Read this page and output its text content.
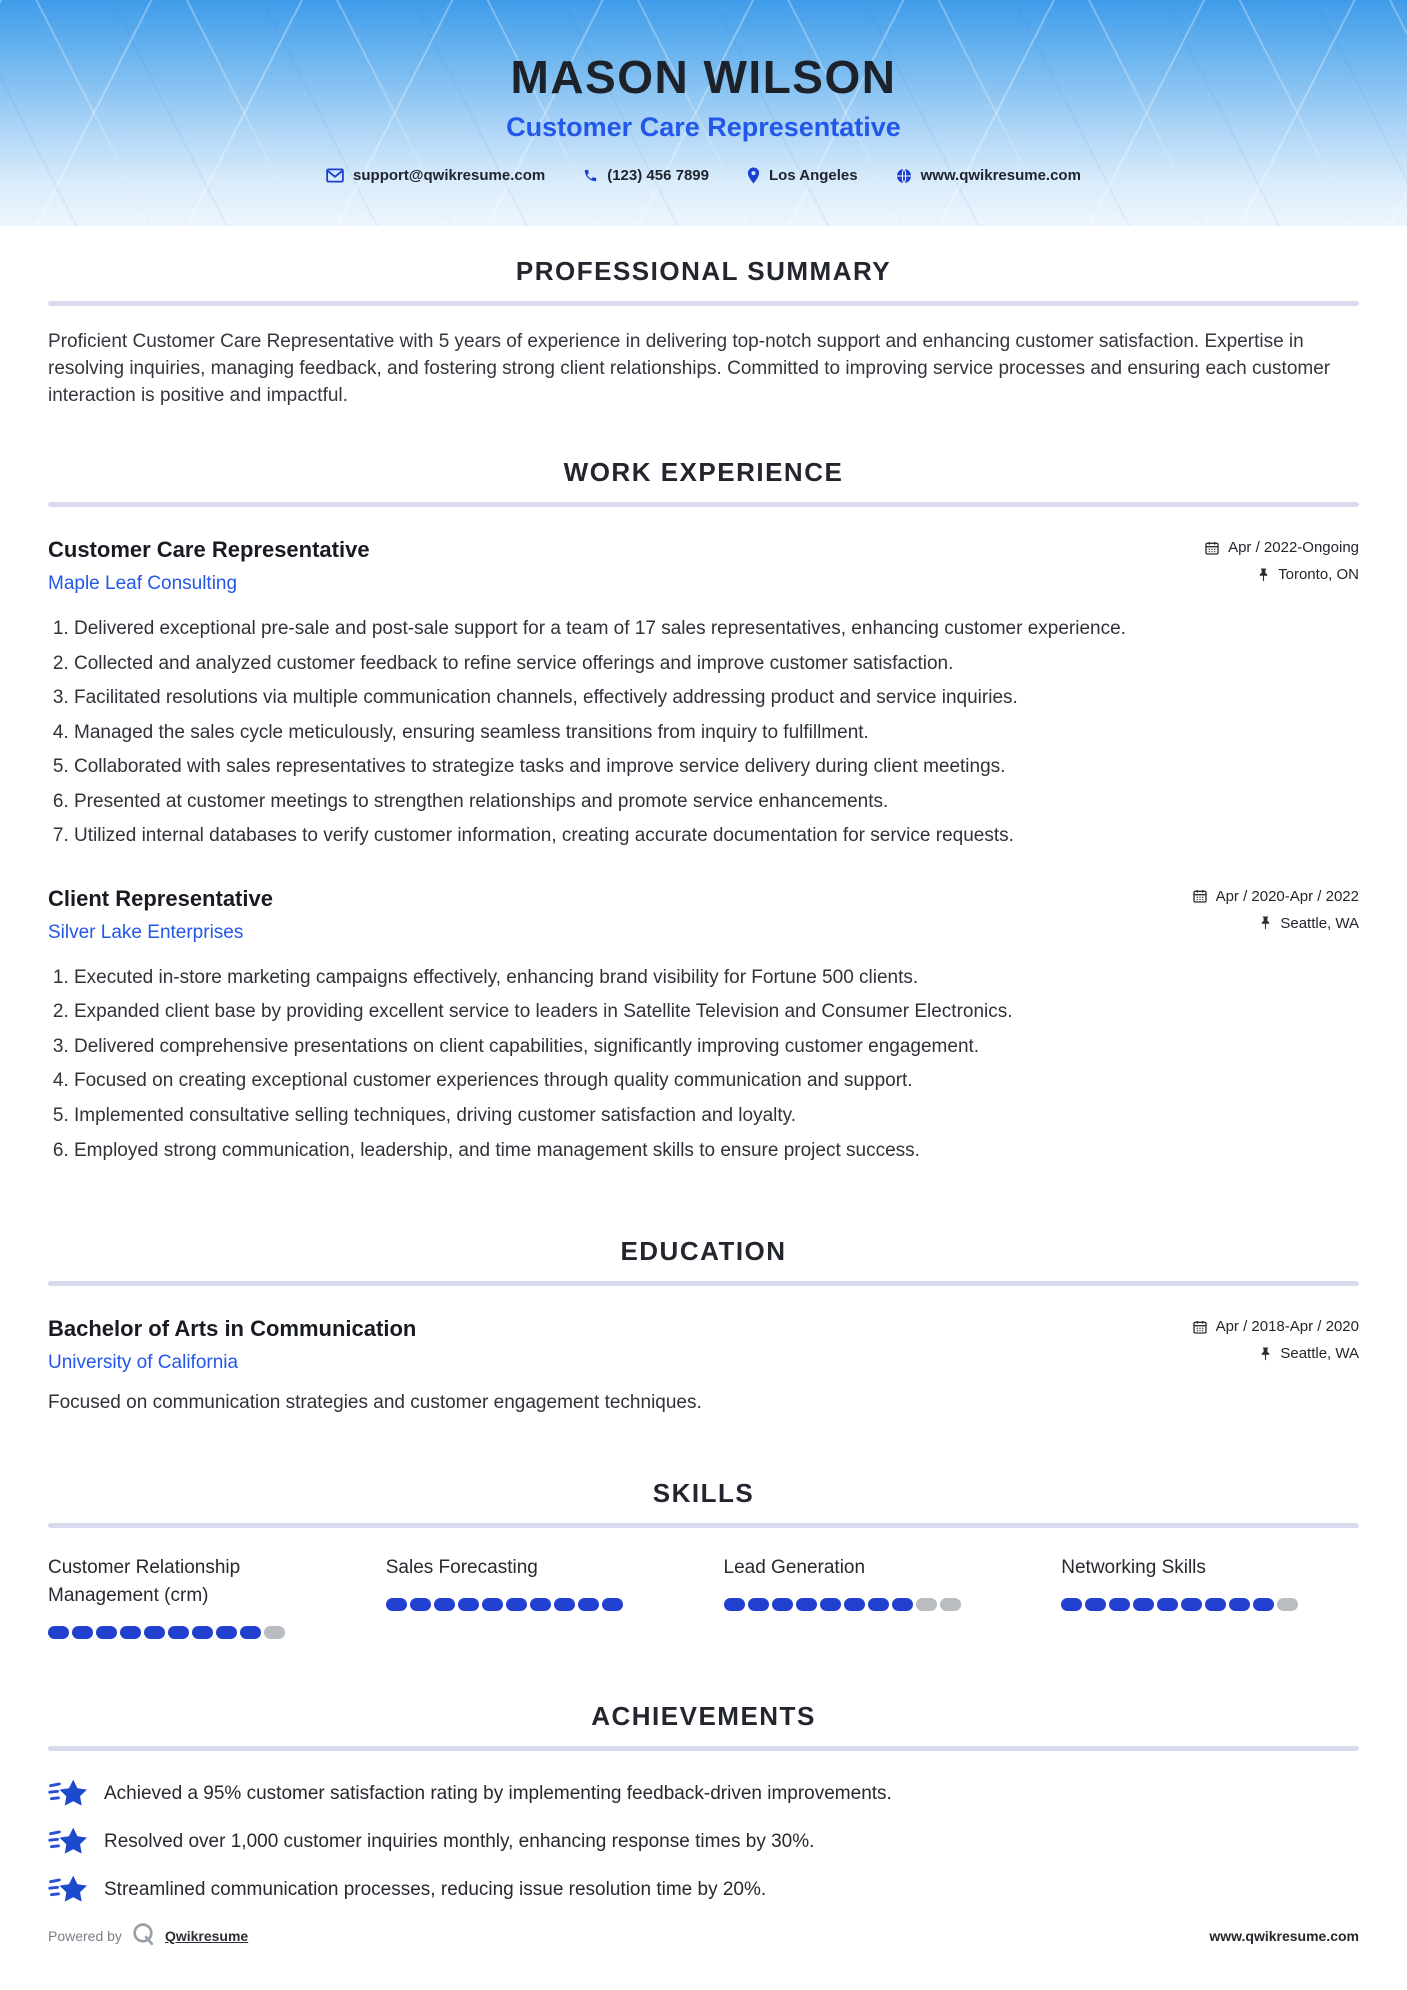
MASON WILSON
Customer Care Representative
support@qwikresume.com	(123) 456 7899	Los Angeles	www.qwikresume.com
PROFESSIONAL SUMMARY

Proficient Customer Care Representative with 5 years of experience in delivering top-notch support and enhancing customer satisfaction. Expertise in resolving inquiries, managing feedback, and fostering strong client relationships. Committed to improving service processes and ensuring each customer interaction is positive and impactful.

WORK EXPERIENCE
Customer Care Representative
Maple Leaf Consulting
Apr / 2022-Ongoing
Toronto, ON
1. Delivered exceptional pre-sale and post-sale support for a team of 17 sales representatives, enhancing customer experience.
2. Collected and analyzed customer feedback to refine service offerings and improve customer satisfaction.
3. Facilitated resolutions via multiple communication channels, effectively addressing product and service inquiries.
4. Managed the sales cycle meticulously, ensuring seamless transitions from inquiry to fulfillment.
5. Collaborated with sales representatives to strategize tasks and improve service delivery during client meetings.
6. Presented at customer meetings to strengthen relationships and promote service enhancements.
7. Utilized internal databases to verify customer information, creating accurate documentation for service requests.
Client Representative
Silver Lake Enterprises
Apr / 2020-Apr / 2022
Seattle, WA
1. Executed in-store marketing campaigns effectively, enhancing brand visibility for Fortune 500 clients.
2. Expanded client base by providing excellent service to leaders in Satellite Television and Consumer Electronics.
3. Delivered comprehensive presentations on client capabilities, significantly improving customer engagement.
4. Focused on creating exceptional customer experiences through quality communication and support.
5. Implemented consultative selling techniques, driving customer satisfaction and loyalty.
6. Employed strong communication, leadership, and time management skills to ensure project success.
EDUCATION
Bachelor of Arts in Communication
University of California
Apr / 2018-Apr / 2020
Seattle, WA

Focused on communication strategies and customer engagement techniques.

SKILLS
Customer Relationship Management (crm)
Sales Forecasting	Lead Generation	Networking Skills
ACHIEVEMENTS
Achieved a 95% customer satisfaction rating by implementing feedback-driven improvements.
Resolved over 1,000 customer inquiries monthly, enhancing response times by 30%.
Streamlined communication processes, reducing issue resolution time by 20%.
Powered by	Qwikresume	www.qwikresume.com
